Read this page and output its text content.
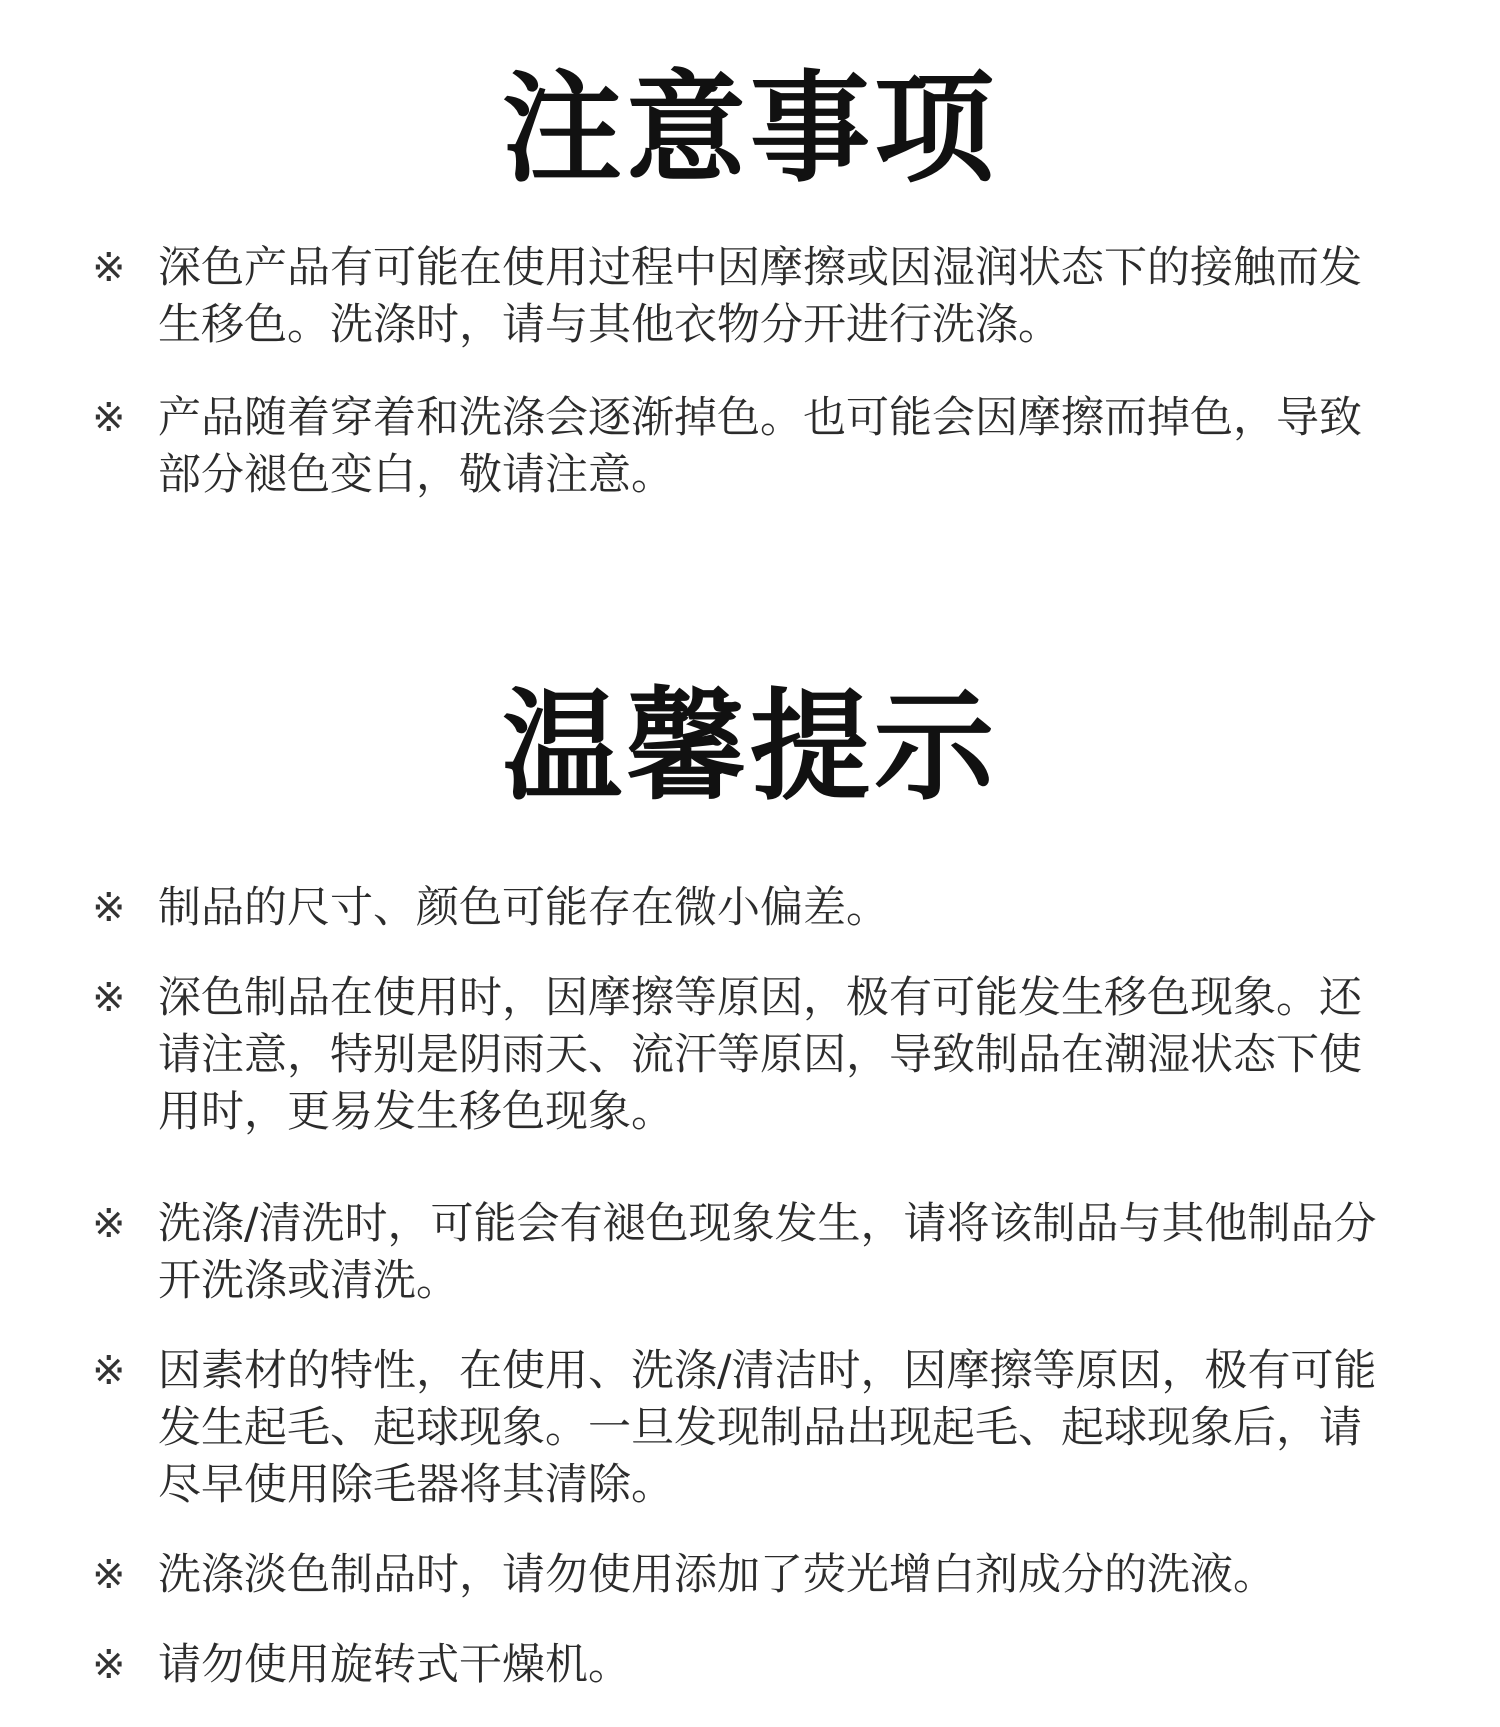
注意事项
※ 深色产品有可能在使用过程中因摩擦或因湿润状态下的接触而发生移色。洗涤时，请与其他衣物分开进行洗涤。
※ 产品随着穿着和洗涤会逐渐掉色。也可能会因摩擦而掉色，导致部分褪色变白，敬请注意。
温馨提示
※ 制品的尺寸、颜色可能存在微小偏差。
※ 深色制品在使用时，因摩擦等原因，极有可能发生移色现象。还请注意，特别是阴雨天、流汗等原因，导致制品在潮湿状态下使用时，更易发生移色现象。
※ 洗涤/清洗时，可能会有褪色现象发生，请将该制品与其他制品分开洗涤或清洗。
※ 因素材的特性，在使用、洗涤/清洁时，因摩擦等原因，极有可能发生起毛、起球现象。一旦发现制品出现起毛、起球现象后，请尽早使用除毛器将其清除。
※ 洗涤淡色制品时，请勿使用添加了荧光增白剂成分的洗液。
※ 请勿使用旋转式干燥机。
